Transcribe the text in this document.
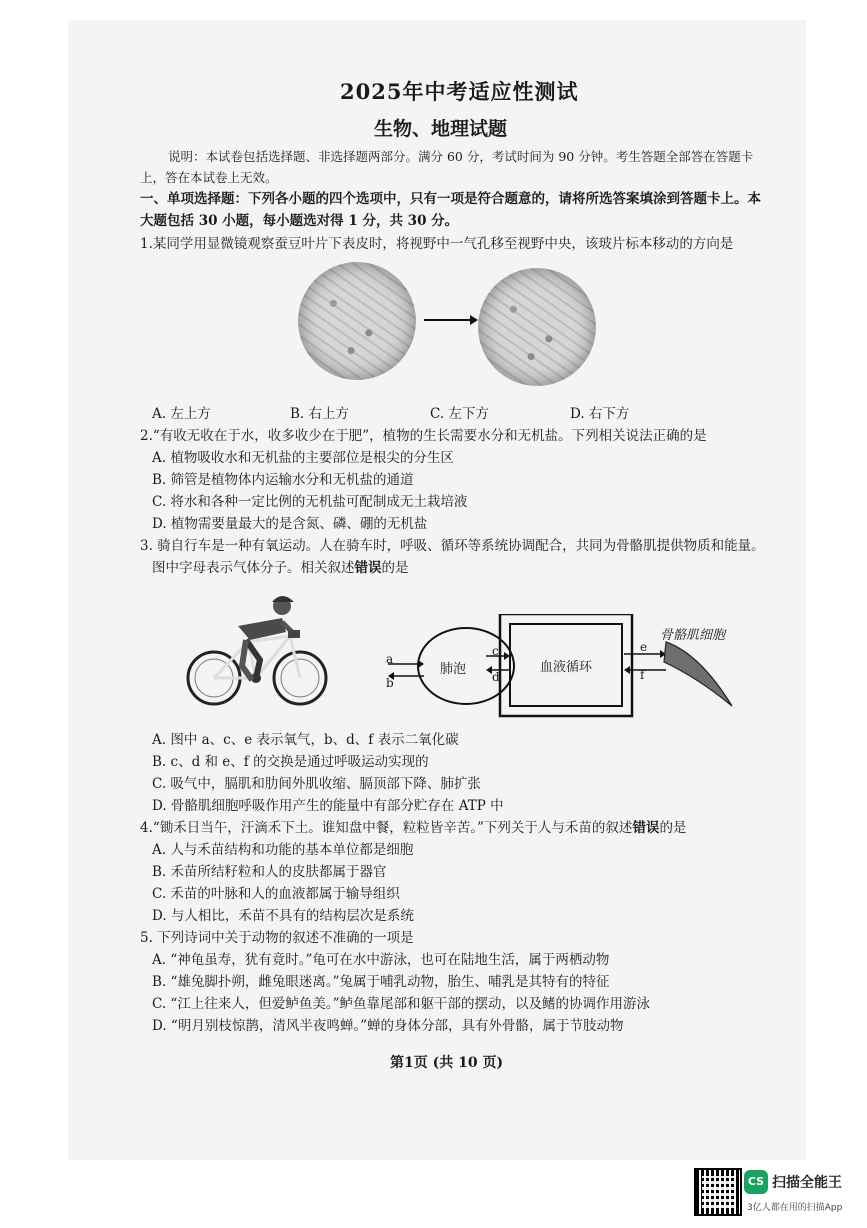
2025年中考适应性测试
生物、地理试题
说明：本试卷包括选择题、非选择题两部分。满分 60 分，考试时间为 90 分钟。考生答题全部答在答题卡上，答在本试卷上无效。
一、单项选择题：下列各小题的四个选项中，只有一项是符合题意的，请将所选答案填涂到答题卡上。本大题包括 30 小题，每小题选对得 1 分，共 30 分。
1.某同学用显微镜观察蚕豆叶片下表皮时，将视野中一气孔移至视野中央，该玻片标本移动的方向是
A. 左上方	B. 右上方	C. 左下方	D. 右下方
2.“有收无收在于水，收多收少在于肥”，植物的生长需要水分和无机盐。下列相关说法正确的是
A. 植物吸收水和无机盐的主要部位是根尖的分生区
B. 筛管是植物体内运输水分和无机盐的通道
C. 将水和各种一定比例的无机盐可配制成无土栽培液
D. 植物需要量最大的是含氮、磷、硼的无机盐
3. 骑自行车是一种有氧运动。人在骑车时，呼吸、循环等系统协调配合，共同为骨骼肌提供物质和能量。
图中字母表示气体分子。相关叙述错误的是
a
b
c
d
e
f
肺泡	血液循环
骨骼肌细胞
A. 图中 a、c、e 表示氧气，b、d、f 表示二氧化碳
B. c、d 和 e、f 的交换是通过呼吸运动实现的
C. 吸气中，膈肌和肋间外肌收缩、膈顶部下降、肺扩张
D. 骨骼肌细胞呼吸作用产生的能量中有部分贮存在 ATP 中
4.“锄禾日当午，汗滴禾下土。谁知盘中餐，粒粒皆辛苦。”下列关于人与禾苗的叙述错误的是
A. 人与禾苗结构和功能的基本单位都是细胞
B. 禾苗所结籽粒和人的皮肤都属于器官
C. 禾苗的叶脉和人的血液都属于输导组织
D. 与人相比，禾苗不具有的结构层次是系统
5. 下列诗词中关于动物的叙述不准确的一项是
A. “神龟虽寿，犹有竟时。”龟可在水中游泳，也可在陆地生活，属于两栖动物
B. “雄兔脚扑朔，雌兔眼迷离。”兔属于哺乳动物，胎生、哺乳是其特有的特征
C. “江上往来人，但爱鲈鱼美。”鲈鱼靠尾部和躯干部的摆动，以及鳍的协调作用游泳
D. “明月别枝惊鹊，清风半夜鸣蝉。”蝉的身体分部，具有外骨骼，属于节肢动物
第1页 (共 10 页)
CS 扫描全能王
3亿人都在用的扫描App
